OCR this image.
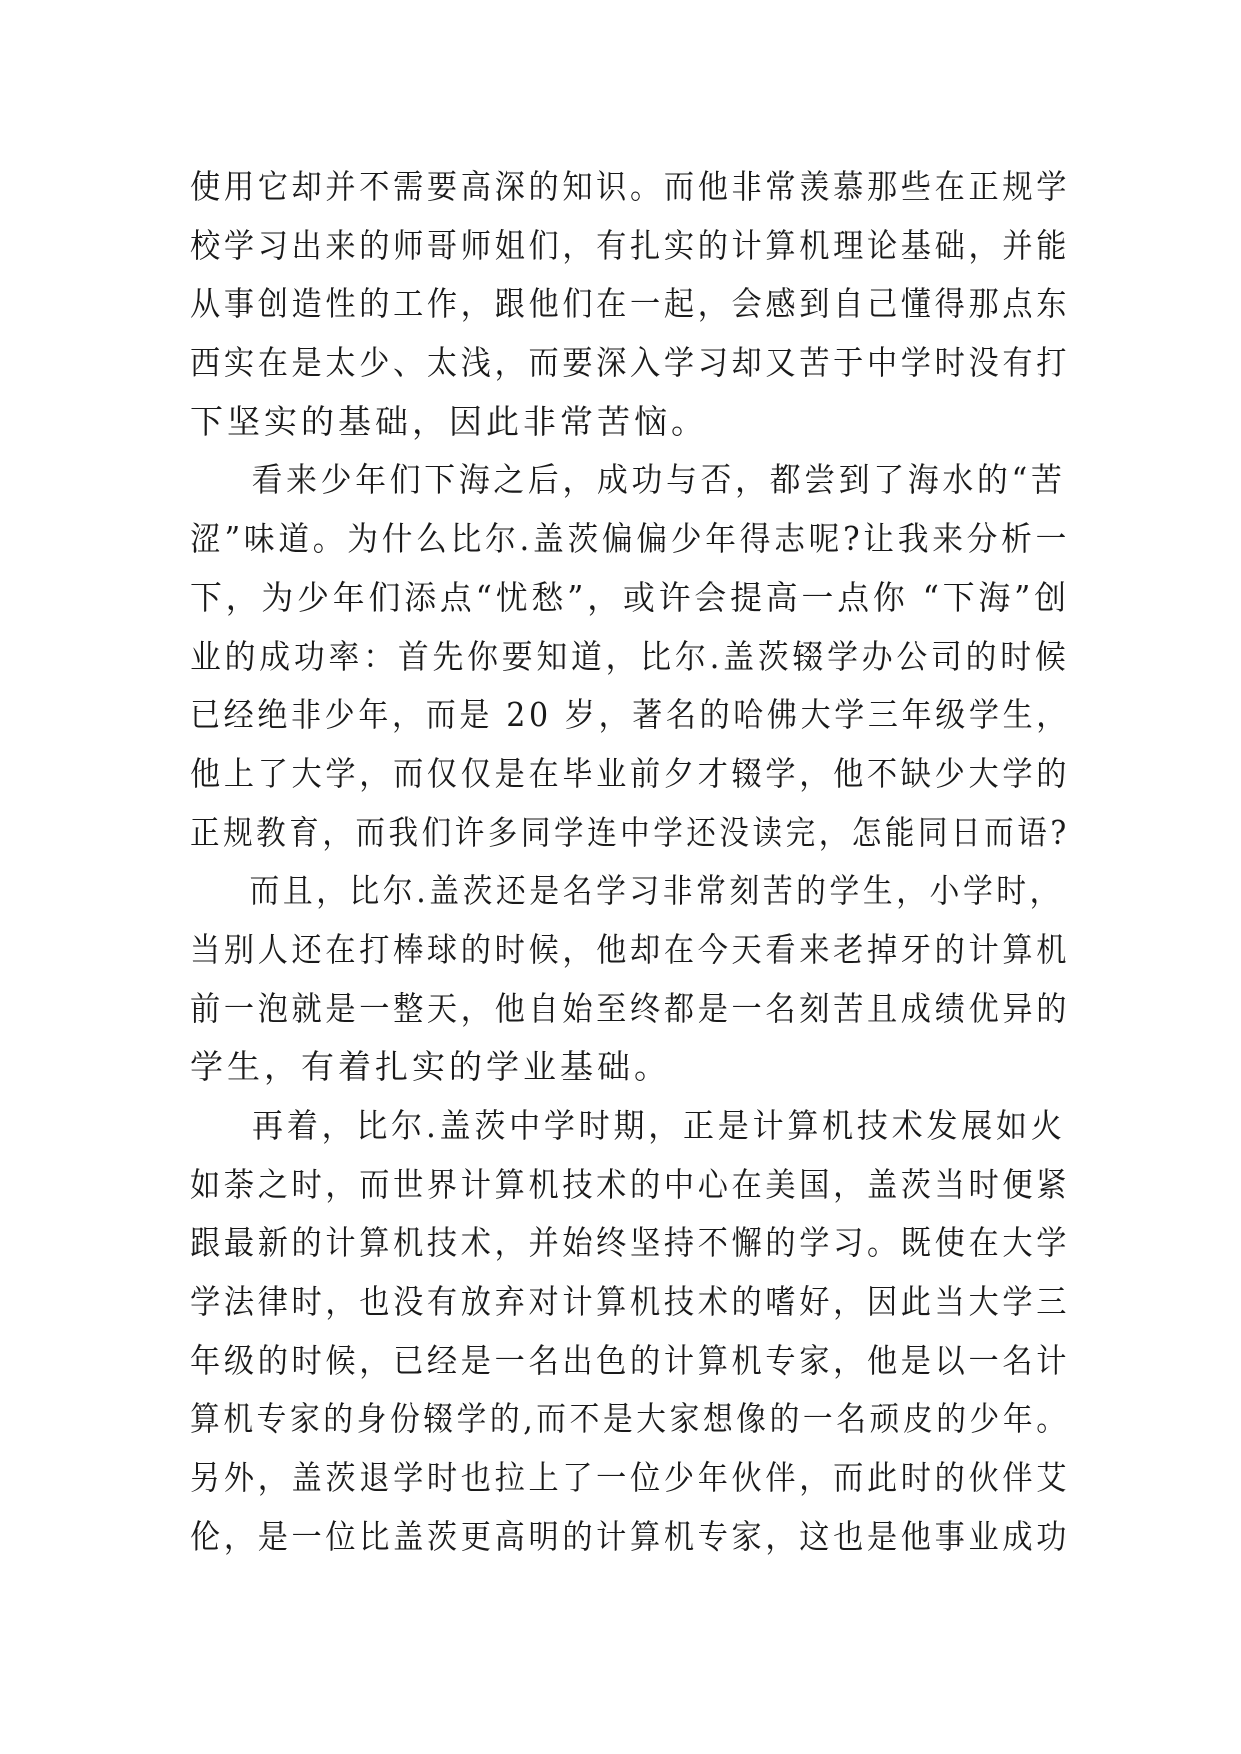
使用它却并不需要高深的知识。而他非常羡慕那些在正规学
校学习出来的师哥师姐们，有扎实的计算机理论基础，并能
从事创造性的工作，跟他们在一起，会感到自己懂得那点东
西实在是太少、太浅，而要深入学习却又苦于中学时没有打
下坚实的基础，因此非常苦恼。
看来少年们下海之后，成功与否，都尝到了海水的“苦
涩”味道。为什么比尔.盖茨偏偏少年得志呢?让我来分析一
下，为少年们添点“忧愁”，或许会提高一点你 “下海”创
业的成功率：首先你要知道，比尔.盖茨辍学办公司的时候
已经绝非少年，而是 20 岁，著名的哈佛大学三年级学生，
他上了大学，而仅仅是在毕业前夕才辍学，他不缺少大学的
正规教育，而我们许多同学连中学还没读完，怎能同日而语?
而且，比尔.盖茨还是名学习非常刻苦的学生，小学时，
当别人还在打棒球的时候，他却在今天看来老掉牙的计算机
前一泡就是一整天，他自始至终都是一名刻苦且成绩优异的
学生，有着扎实的学业基础。
再着，比尔.盖茨中学时期，正是计算机技术发展如火
如荼之时，而世界计算机技术的中心在美国，盖茨当时便紧
跟最新的计算机技术，并始终坚持不懈的学习。既使在大学
学法律时，也没有放弃对计算机技术的嗜好，因此当大学三
年级的时候，已经是一名出色的计算机专家，他是以一名计
算机专家的身份辍学的,而不是大家想像的一名顽皮的少年。
另外，盖茨退学时也拉上了一位少年伙伴，而此时的伙伴艾
伦，是一位比盖茨更高明的计算机专家，这也是他事业成功
